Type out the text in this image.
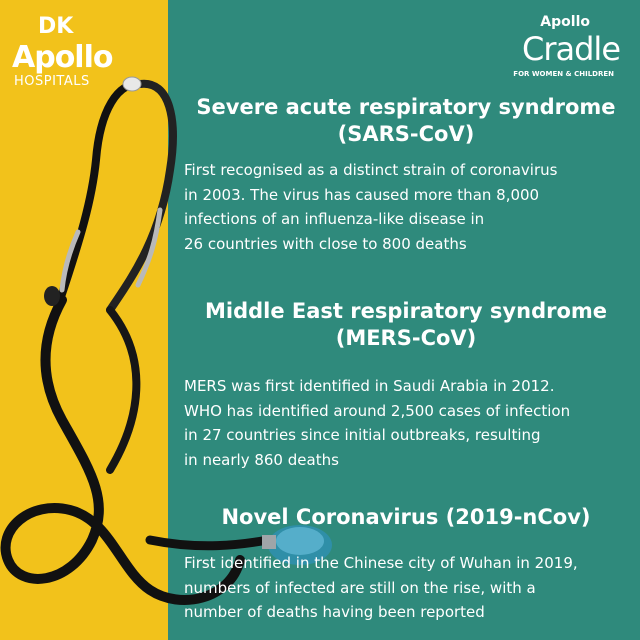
DK
Apollo
HOSPITALS
Apollo
Cradle
FOR WOMEN & CHILDREN
Severe acute respiratory syndrome
(SARS-CoV)
First recognised as a distinct strain of coronavirus
in 2003. The virus has caused more than 8,000
infections of an influenza-like disease in
26 countries with close to 800 deaths
Middle East respiratory syndrome
(MERS-CoV)
MERS was first identified in Saudi Arabia in 2012.
WHO has identified around 2,500 cases of infection
in 27 countries since initial outbreaks, resulting
in nearly 860 deaths
Novel Coronavirus (2019-nCov)
First identified in the Chinese city of Wuhan in 2019,
numbers of infected are still on the rise, with a
number of deaths having been reported
